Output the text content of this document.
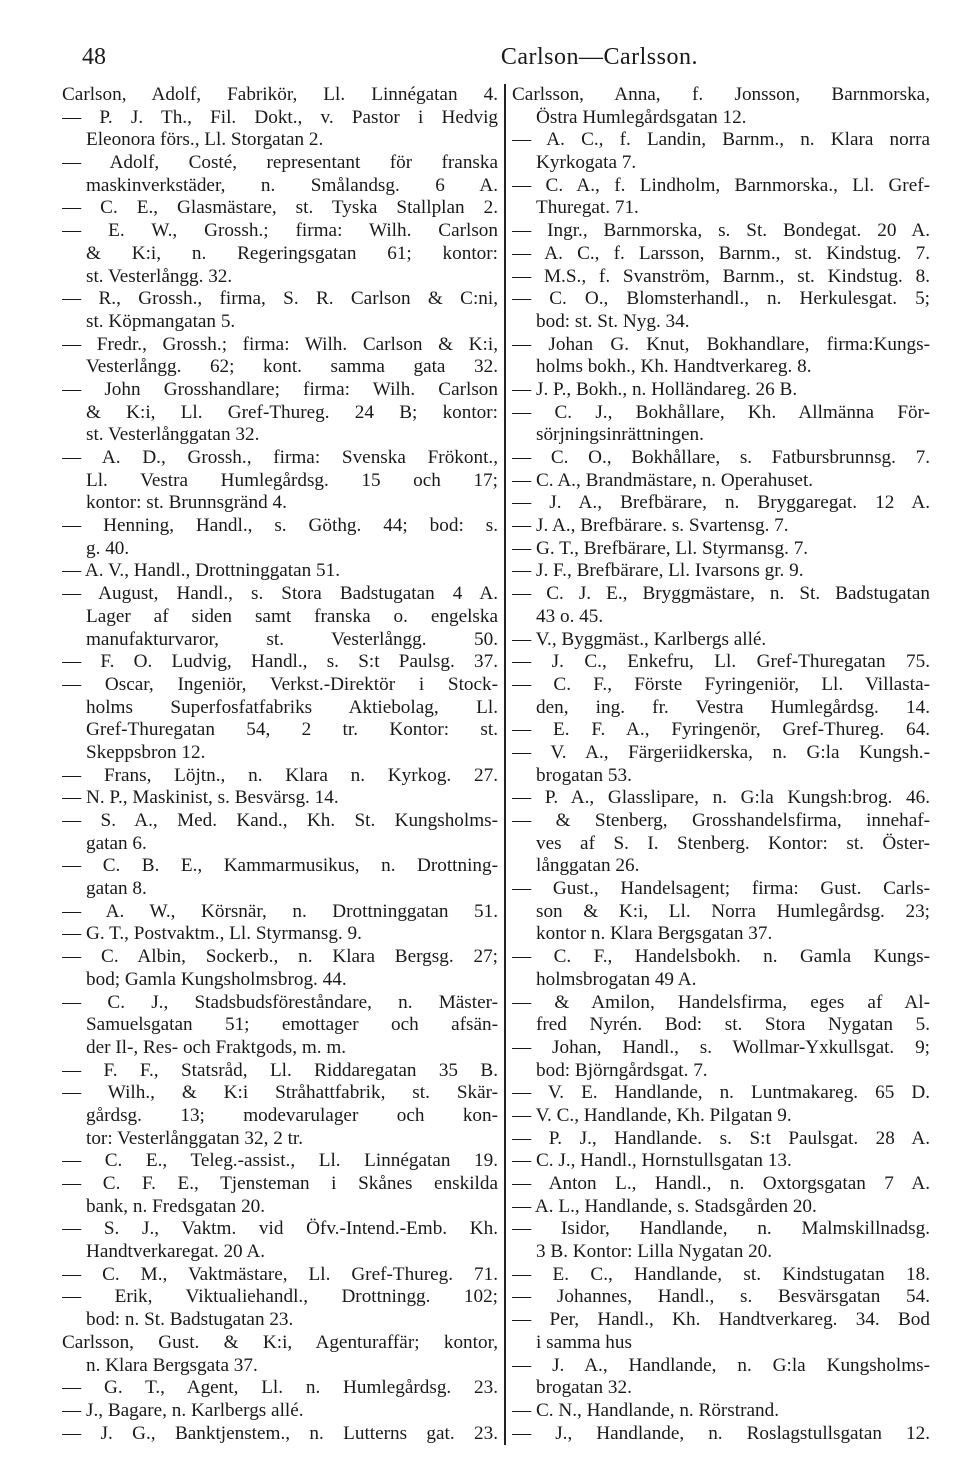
48	Carlson—Carlsson.
Carlson, Adolf, Fabrikör, Ll. Linnégatan 4.
— P. J. Th., Fil. Dokt., v. Pastor i Hedvig
Eleonora förs., Ll. Storgatan 2.
— Adolf, Costé, representant för franska
maskinverkstäder, n. Smålandsg. 6 A.
— C. E., Glasmästare, st. Tyska Stallplan 2.
— E. W., Grossh.; firma: Wilh. Carlson
& K:i, n. Regeringsgatan 61; kontor:
st. Vesterlångg. 32.
— R., Grossh., firma, S. R. Carlson & C:ni,
st. Köpmangatan 5.
— Fredr., Grossh.; firma: Wilh. Carlson & K:i,
Vesterlångg. 62; kont. samma gata 32.
— John Grosshandlare; firma: Wilh. Carlson
& K:i, Ll. Gref-Thureg. 24 B; kontor:
st. Vesterlånggatan 32.
— A. D., Grossh., firma: Svenska Frökont.,
Ll. Vestra Humlegårdsg. 15 och 17;
kontor: st. Brunnsgränd 4.
— Henning, Handl., s. Göthg. 44; bod: s.
g. 40.
— A. V., Handl., Drottninggatan 51.
— August, Handl., s. Stora Badstugatan 4 A.
Lager af siden samt franska o. engelska
manufakturvaror, st. Vesterlångg. 50.
— F. O. Ludvig, Handl., s. S:t Paulsg. 37.
— Oscar, Ingeniör, Verkst.-Direktör i Stock-
holms Superfosfatfabriks Aktiebolag, Ll.
Gref-Thuregatan 54, 2 tr. Kontor: st.
Skeppsbron 12.
— Frans, Löjtn., n. Klara n. Kyrkog. 27.
— N. P., Maskinist, s. Besvärsg. 14.
— S. A., Med. Kand., Kh. St. Kungsholms-
gatan 6.
— C. B. E., Kammarmusikus, n. Drottning-
gatan 8.
— A. W., Körsnär, n. Drottninggatan 51.
— G. T., Postvaktm., Ll. Styrmansg. 9.
— C. Albin, Sockerb., n. Klara Bergsg. 27;
bod; Gamla Kungsholmsbrog. 44.
— C. J., Stadsbudsföreståndare, n. Mäster-
Samuelsgatan 51; emottager och afsän-
der Il-, Res- och Fraktgods, m. m.
— F. F., Statsråd, Ll. Riddaregatan 35 B.
— Wilh., & K:i Stråhattfabrik, st. Skär-
gårdsg. 13; modevarulager och kon-
tor: Vesterlånggatan 32, 2 tr.
— C. E., Teleg.-assist., Ll. Linnégatan 19.
— C. F. E., Tjensteman i Skånes enskilda
bank, n. Fredsgatan 20.
— S. J., Vaktm. vid Öfv.-Intend.-Emb. Kh.
Handtverkaregat. 20 A.
— C. M., Vaktmästare, Ll. Gref-Thureg. 71.
— Erik, Viktualiehandl., Drottningg. 102;
bod: n. St. Badstugatan 23.
Carlsson, Gust. & K:i, Agenturaffär; kontor,
n. Klara Bergsgata 37.
— G. T., Agent, Ll. n. Humlegårdsg. 23.
— J., Bagare, n. Karlbergs allé.
— J. G., Banktjenstem., n. Lutterns gat. 23.
Carlsson, Anna, f. Jonsson, Barnmorska,
Östra Humlegårdsgatan 12.
— A. C., f. Landin, Barnm., n. Klara norra
Kyrkogata 7.
— C. A., f. Lindholm, Barnmorska., Ll. Gref-
Thuregat. 71.
— Ingr., Barnmorska, s. St. Bondegat. 20 A.
— A. C., f. Larsson, Barnm., st. Kindstug. 7.
— M.S., f. Svanström, Barnm., st. Kindstug. 8.
— C. O., Blomsterhandl., n. Herkulesgat. 5;
bod: st. St. Nyg. 34.
— Johan G. Knut, Bokhandlare, firma:Kungs-
holms bokh., Kh. Handtverkareg. 8.
— J. P., Bokh., n. Holländareg. 26 B.
— C. J., Bokhållare, Kh. Allmänna För-
sörjningsinrättningen.
— C. O., Bokhållare, s. Fatbursbrunnsg. 7.
— C. A., Brandmästare, n. Operahuset.
— J. A., Brefbärare, n. Bryggaregat. 12 A.
— J. A., Brefbärare. s. Svartensg. 7.
— G. T., Brefbärare, Ll. Styrmansg. 7.
— J. F., Brefbärare, Ll. Ivarsons gr. 9.
— C. J. E., Bryggmästare, n. St. Badstugatan
43 o. 45.
— V., Byggmäst., Karlbergs allé.
— J. C., Enkefru, Ll. Gref-Thuregatan 75.
— C. F., Förste Fyringeniör, Ll. Villasta-
den, ing. fr. Vestra Humlegårdsg. 14.
— E. F. A., Fyringenör, Gref-Thureg. 64.
— V. A., Färgeriidkerska, n. G:la Kungsh.-
brogatan 53.
— P. A., Glasslipare, n. G:la Kungsh:brog. 46.
— & Stenberg, Grosshandelsfirma, innehaf-
ves af S. I. Stenberg. Kontor: st. Öster-
långgatan 26.
— Gust., Handelsagent; firma: Gust. Carls-
son & K:i, Ll. Norra Humlegårdsg. 23;
kontor n. Klara Bergsgatan 37.
— C. F., Handelsbokh. n. Gamla Kungs-
holmsbrogatan 49 A.
— & Amilon, Handelsfirma, eges af Al-
fred Nyrén. Bod: st. Stora Nygatan 5.
— Johan, Handl., s. Wollmar-Yxkullsgat. 9;
bod: Björngårdsgat. 7.
— V. E. Handlande, n. Luntmakareg. 65 D.
— V. C., Handlande, Kh. Pilgatan 9.
— P. J., Handlande. s. S:t Paulsgat. 28 A.
— C. J., Handl., Hornstullsgatan 13.
— Anton L., Handl., n. Oxtorgsgatan 7 A.
— A. L., Handlande, s. Stadsgården 20.
— Isidor, Handlande, n. Malmskillnadsg.
3 B. Kontor: Lilla Nygatan 20.
— E. C., Handlande, st. Kindstugatan 18.
— Johannes, Handl., s. Besvärsgatan 54.
— Per, Handl., Kh. Handtverkareg. 34. Bod
i samma hus
— J. A., Handlande, n. G:la Kungsholms-
brogatan 32.
— C. N., Handlande, n. Rörstrand.
— J., Handlande, n. Roslagstullsgatan 12.
